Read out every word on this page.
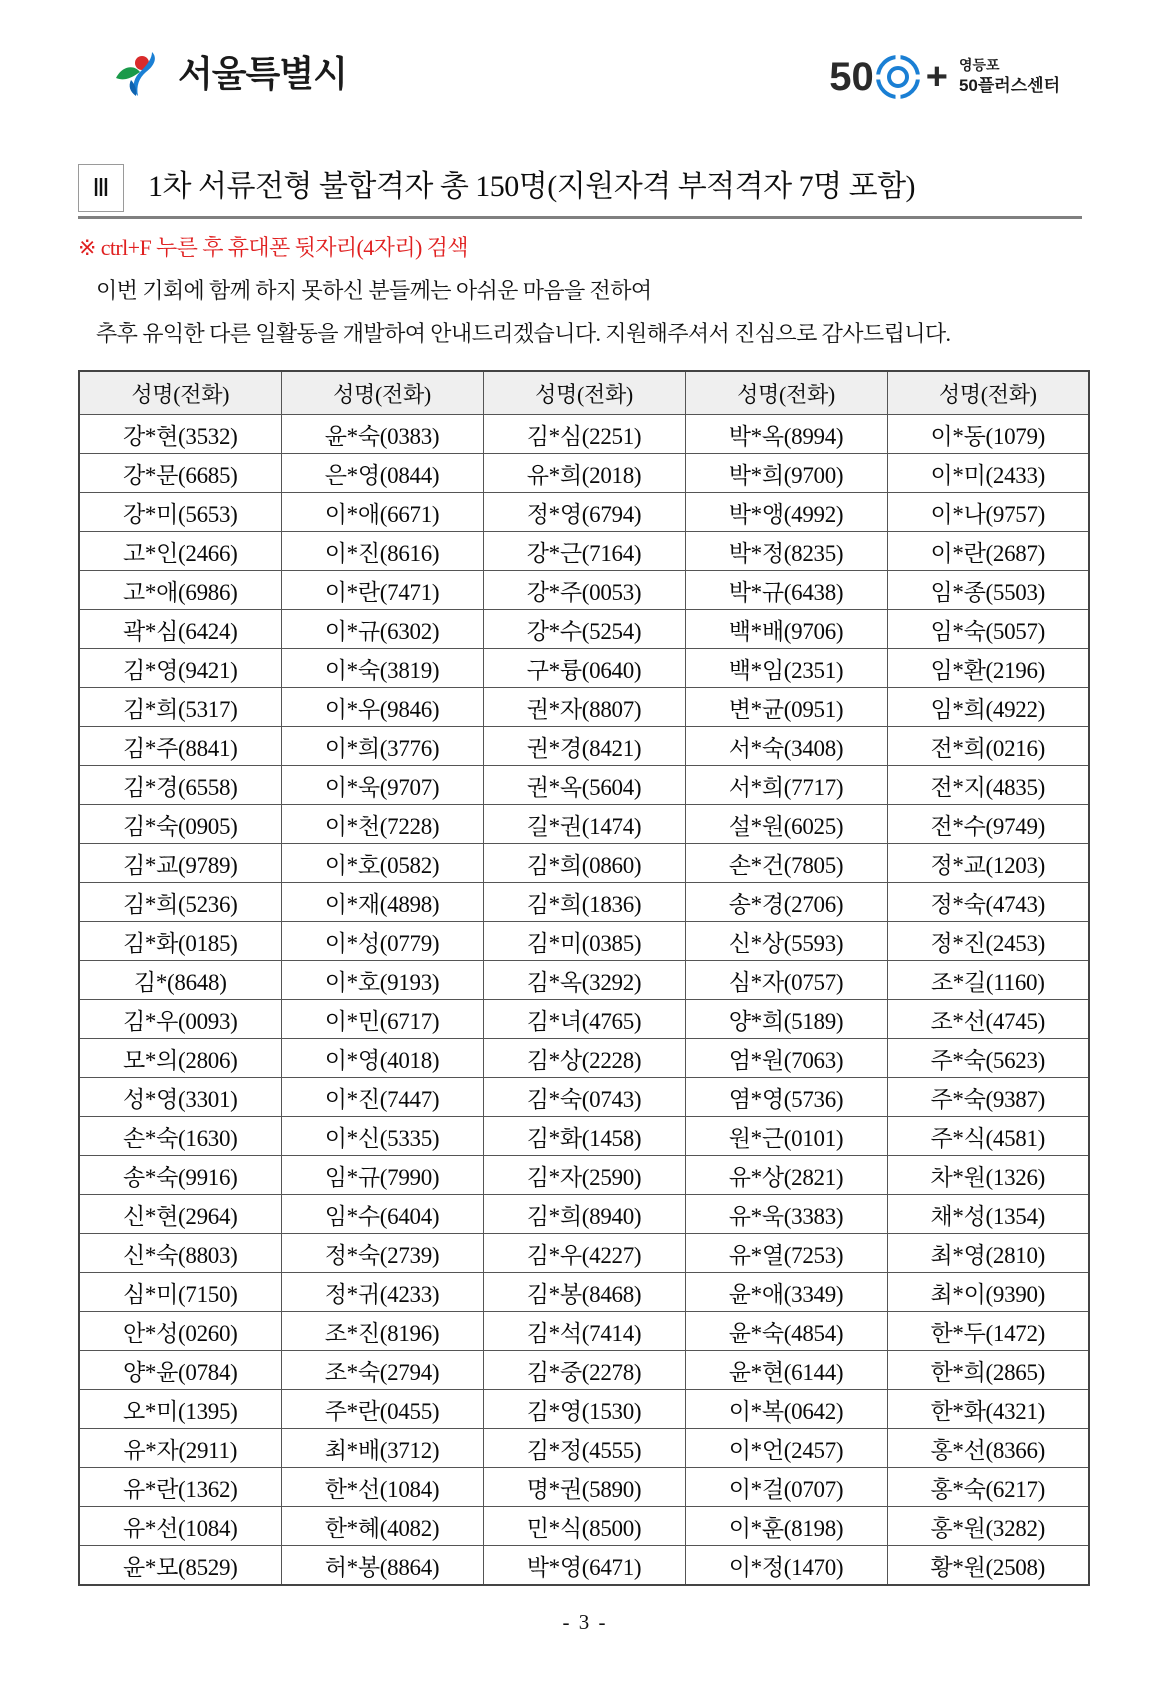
서울특별시	50 + 영등포
50플러스센터
Ⅲ	1차 서류전형 불합격자 총 150명(지원자격 부적격자 7명 포함)
※ ctrl+F 누른 후 휴대폰 뒷자리(4자리) 검색
이번 기회에 함께 하지 못하신 분들께는 아쉬운 마음을 전하여
추후 유익한 다른 일활동을 개발하여 안내드리겠습니다. 지원해주셔서 진심으로 감사드립니다.
성명(전화)	성명(전화)	성명(전화)	성명(전화)	성명(전화)
강*현(3532)	윤*숙(0383)	김*심(2251)	박*옥(8994)	이*동(1079)
강*문(6685)	은*영(0844)	유*희(2018)	박*희(9700)	이*미(2433)
강*미(5653)	이*애(6671)	정*영(6794)	박*앵(4992)	이*나(9757)
고*인(2466)	이*진(8616)	강*근(7164)	박*정(8235)	이*란(2687)
고*애(6986)	이*란(7471)	강*주(0053)	박*규(6438)	임*종(5503)
곽*심(6424)	이*규(6302)	강*수(5254)	백*배(9706)	임*숙(5057)
김*영(9421)	이*숙(3819)	구*륭(0640)	백*임(2351)	임*환(2196)
김*희(5317)	이*우(9846)	권*자(8807)	변*균(0951)	임*희(4922)
김*주(8841)	이*희(3776)	권*경(8421)	서*숙(3408)	전*희(0216)
김*경(6558)	이*욱(9707)	권*옥(5604)	서*희(7717)	전*지(4835)
김*숙(0905)	이*천(7228)	길*권(1474)	설*원(6025)	전*수(9749)
김*교(9789)	이*호(0582)	김*희(0860)	손*건(7805)	정*교(1203)
김*희(5236)	이*재(4898)	김*희(1836)	송*경(2706)	정*숙(4743)
김*화(0185)	이*성(0779)	김*미(0385)	신*상(5593)	정*진(2453)
김*(8648)	이*호(9193)	김*옥(3292)	심*자(0757)	조*길(1160)
김*우(0093)	이*민(6717)	김*녀(4765)	양*희(5189)	조*선(4745)
모*의(2806)	이*영(4018)	김*상(2228)	엄*원(7063)	주*숙(5623)
성*영(3301)	이*진(7447)	김*숙(0743)	염*영(5736)	주*숙(9387)
손*숙(1630)	이*신(5335)	김*화(1458)	원*근(0101)	주*식(4581)
송*숙(9916)	임*규(7990)	김*자(2590)	유*상(2821)	차*원(1326)
신*현(2964)	임*수(6404)	김*희(8940)	유*욱(3383)	채*성(1354)
신*숙(8803)	정*숙(2739)	김*우(4227)	유*열(7253)	최*영(2810)
심*미(7150)	정*귀(4233)	김*봉(8468)	윤*애(3349)	최*이(9390)
안*성(0260)	조*진(8196)	김*석(7414)	윤*숙(4854)	한*두(1472)
양*윤(0784)	조*숙(2794)	김*중(2278)	윤*현(6144)	한*희(2865)
오*미(1395)	주*란(0455)	김*영(1530)	이*복(0642)	한*화(4321)
유*자(2911)	최*배(3712)	김*정(4555)	이*언(2457)	홍*선(8366)
유*란(1362)	한*선(1084)	명*권(5890)	이*걸(0707)	홍*숙(6217)
유*선(1084)	한*혜(4082)	민*식(8500)	이*훈(8198)	홍*원(3282)
윤*모(8529)	허*봉(8864)	박*영(6471)	이*정(1470)	황*원(2508)
- 3 -
